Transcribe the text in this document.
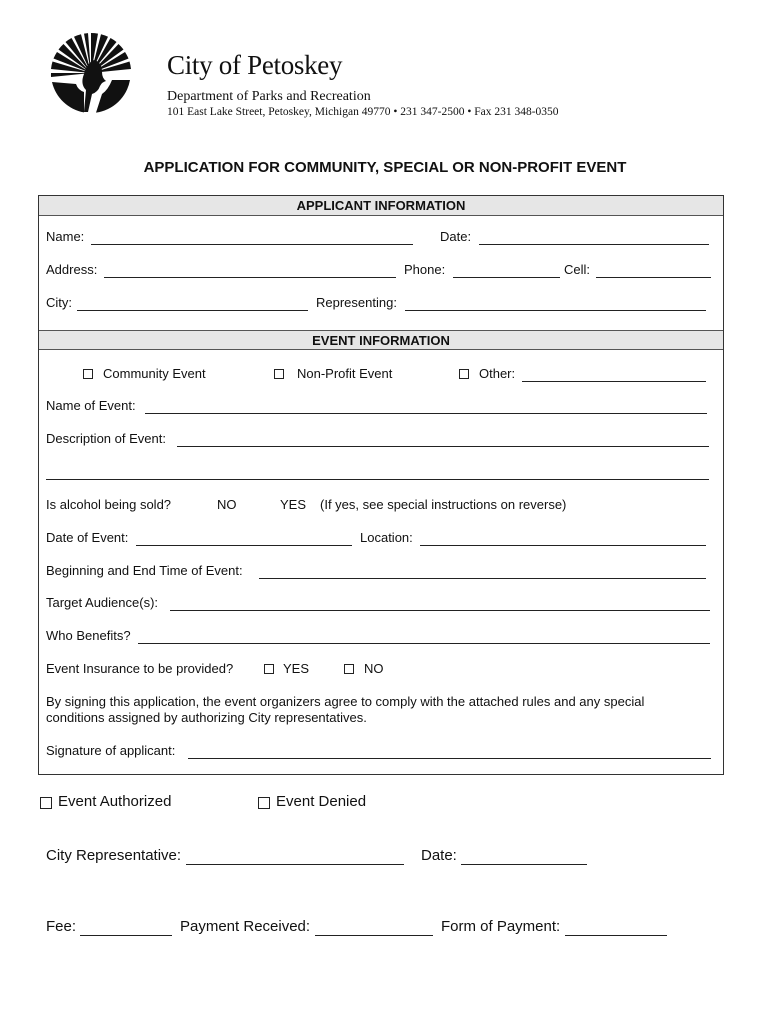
City of Petoskey
Department of Parks and Recreation
101 East Lake Street, Petoskey, Michigan 49770 • 231 347-2500 • Fax 231 348-0350
APPLICATION FOR COMMUNITY, SPECIAL OR NON-PROFIT EVENT
APPLICANT INFORMATION
EVENT INFORMATION
Name:	Date:
Address:	Phone:	Cell:
City:	Representing:
Community Event	Non-Profit Event	Other:
Name of Event:
Description of Event:
Is alcohol being sold?	NO	YES (If yes, see special instructions on reverse)
Date of Event:	Location:
Beginning and End Time of Event:
Target Audience(s):
Who Benefits?
Event Insurance to be provided?	YES	NO
By signing this application, the event organizers agree to comply with the attached rules and any special
conditions assigned by authorizing City representatives.
Signature of applicant:
Event Authorized	Event Denied
City Representative:	Date:
Fee:	Payment Received:	Form of Payment:
